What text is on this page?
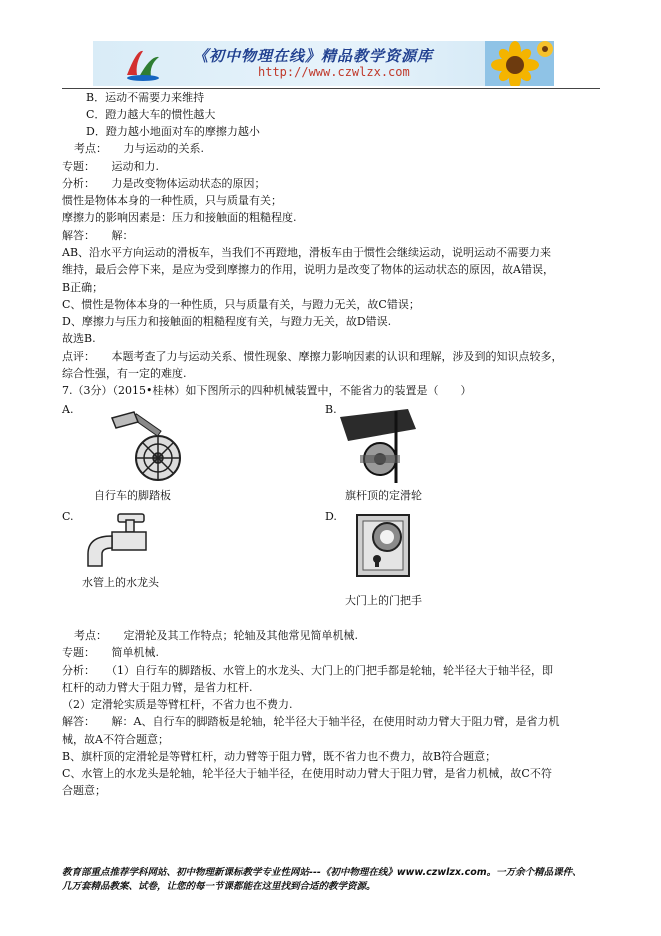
《初中物理在线》精品教学资源库
http://www.czwlzx.com
B．运动不需要力来维持
C．蹬力越大车的惯性越大
D．蹬力越小地面对车的摩擦力越小
考点：　　力与运动的关系.
专题：　　运动和力.
分析：　　力是改变物体运动状态的原因；
惯性是物体本身的一种性质，只与质量有关；
摩擦力的影响因素是：压力和接触面的粗糙程度.
解答：　　解：
AB、沿水平方向运动的滑板车，当我们不再蹬地，滑板车由于惯性会继续运动，说明运动不需要力来
维持，最后会停下来，是应为受到摩擦力的作用，说明力是改变了物体的运动状态的原因，故A错误，
B正确；
C、惯性是物体本身的一种性质，只与质量有关，与蹬力无关，故C错误；
D、摩擦力与压力和接触面的粗糙程度有关，与蹬力无关，故D错误.
故选B.
点评：　　本题考查了力与运动关系、惯性现象、摩擦力影响因素的认识和理解，涉及到的知识点较多，
综合性强，有一定的难度.
7.（3分）（2015•桂林）如下图所示的四种机械装置中，不能省力的装置是（　　）
A.	B.
C.	D.
自行车的脚踏板	旗杆顶的定滑轮
水管上的水龙头
大门上的门把手
考点：　　定滑轮及其工作特点；轮轴及其他常见简单机械.
专题：　　简单机械.
分析：　　（1）自行车的脚踏板、水管上的水龙头、大门上的门把手都是轮轴，轮半径大于轴半径，即
杠杆的动力臂大于阻力臂，是省力杠杆.
（2）定滑轮实质是等臂杠杆，不省力也不费力.
解答：　　解：A、自行车的脚踏板是轮轴，轮半径大于轴半径，在使用时动力臂大于阻力臂，是省力机
械，故A不符合题意；
B、旗杆顶的定滑轮是等臂杠杆，动力臂等于阻力臂，既不省力也不费力，故B符合题意；
C、水管上的水龙头是轮轴，轮半径大于轴半径，在使用时动力臂大于阻力臂，是省力机械，故C不符
合题意；
教育部重点推荐学科网站、初中物理新课标教学专业性网站---《初中物理在线》www.czwlzx.com。一万余个精品课件、
几万套精品教案、试卷，让您的每一节课都能在这里找到合适的教学资源。
